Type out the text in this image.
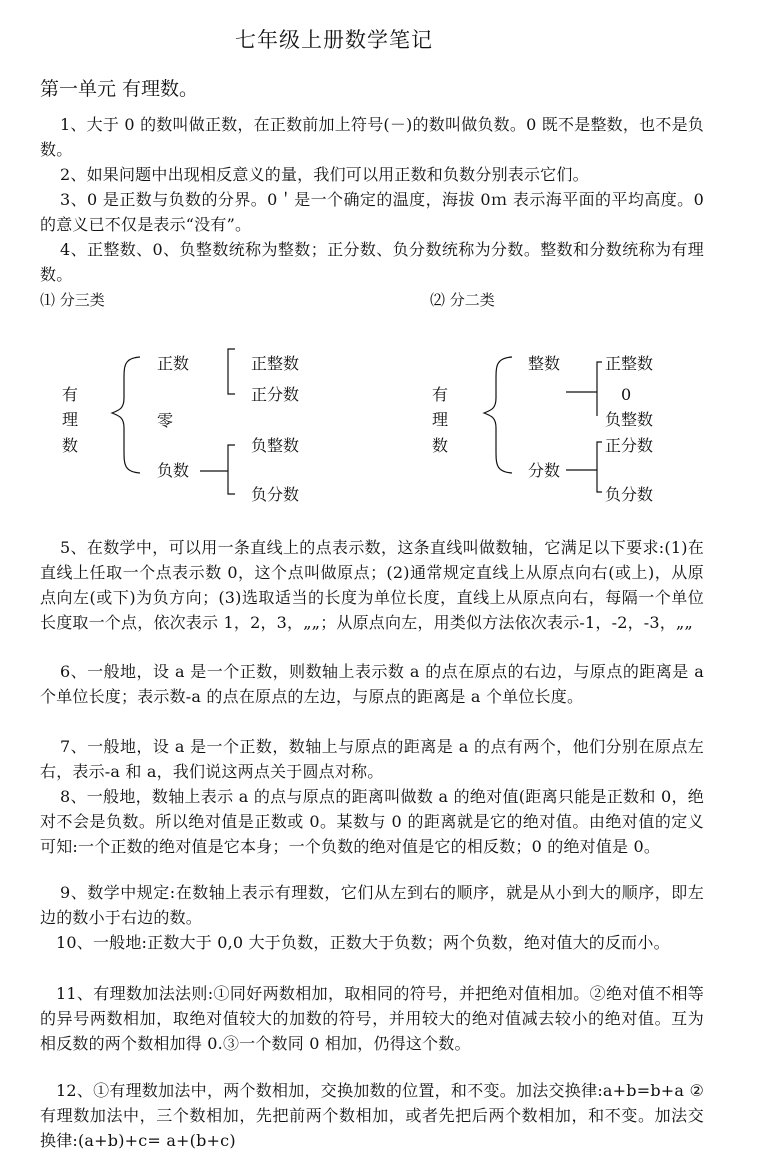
七年级上册数学笔记
第一单元 有理数。

1、大于 0 的数叫做正数，在正数前加上符号(－)的数叫做负数。0 既不是整数，也不是负数。

2、如果问题中出现相反意义的量，我们可以用正数和负数分别表示它们。

3、0 是正数与负数的分界。0＇是一个确定的温度，海拔 0ｍ 表示海平面的平均高度。0 的意义已不仅是表示“没有”。

4、正整数、0、负整数统称为整数；正分数、负分数统称为分数。整数和分数统称为有理数。

⑴ 分三类	⑵ 分二类
有
理
数
正数
零
负数
正整数
正分数
负整数
负分数
有
理
数
整数
分数
正整数
0
负整数
正分数
负分数

5、在数学中，可以用一条直线上的点表示数，这条直线叫做数轴，它满足以下要求:(1)在直线上任取一个点表示数 0，这个点叫做原点；(2)通常规定直线上从原点向右(或上)，从原点向左(或下)为负方向；(3)选取适当的长度为单位长度，直线上从原点向右，每隔一个单位长度取一个点，依次表示 1，2，3，„„；从原点向左，用类似方法依次表示-1，-2，-3，„„

6、一般地，设 a 是一个正数，则数轴上表示数 a 的点在原点的右边，与原点的距离是 a 个单位长度；表示数-a 的点在原点的左边，与原点的距离是 a 个单位长度。

7、一般地，设 a 是一个正数，数轴上与原点的距离是 a 的点有两个，他们分别在原点左右，表示-a 和 a，我们说这两点关于圆点对称。

8、一般地，数轴上表示 a 的点与原点的距离叫做数 a 的绝对值(距离只能是正数和 0，绝对不会是负数。所以绝对值是正数或 0。某数与 0 的距离就是它的绝对值。由绝对值的定义可知:一个正数的绝对值是它本身；一个负数的绝对值是它的相反数；0 的绝对值是 0。

9、数学中规定:在数轴上表示有理数，它们从左到右的顺序，就是从小到大的顺序，即左边的数小于右边的数。

10、一般地:正数大于 0,0 大于负数，正数大于负数；两个负数，绝对值大的反而小。

11、有理数加法法则:①同好两数相加，取相同的符号，并把绝对值相加。②绝对值不相等的异号两数相加，取绝对值较大的加数的符号，并用较大的绝对值减去较小的绝对值。互为相反数的两个数相加得 0.③一个数同 0 相加，仍得这个数。

12、①有理数加法中，两个数相加，交换加数的位置，和不变。加法交换律:a+b=b+a ②有理数加法中，三个数相加，先把前两个数相加，或者先把后两个数相加，和不变。加法交换律:(a+b)+c= a+(b+c)
